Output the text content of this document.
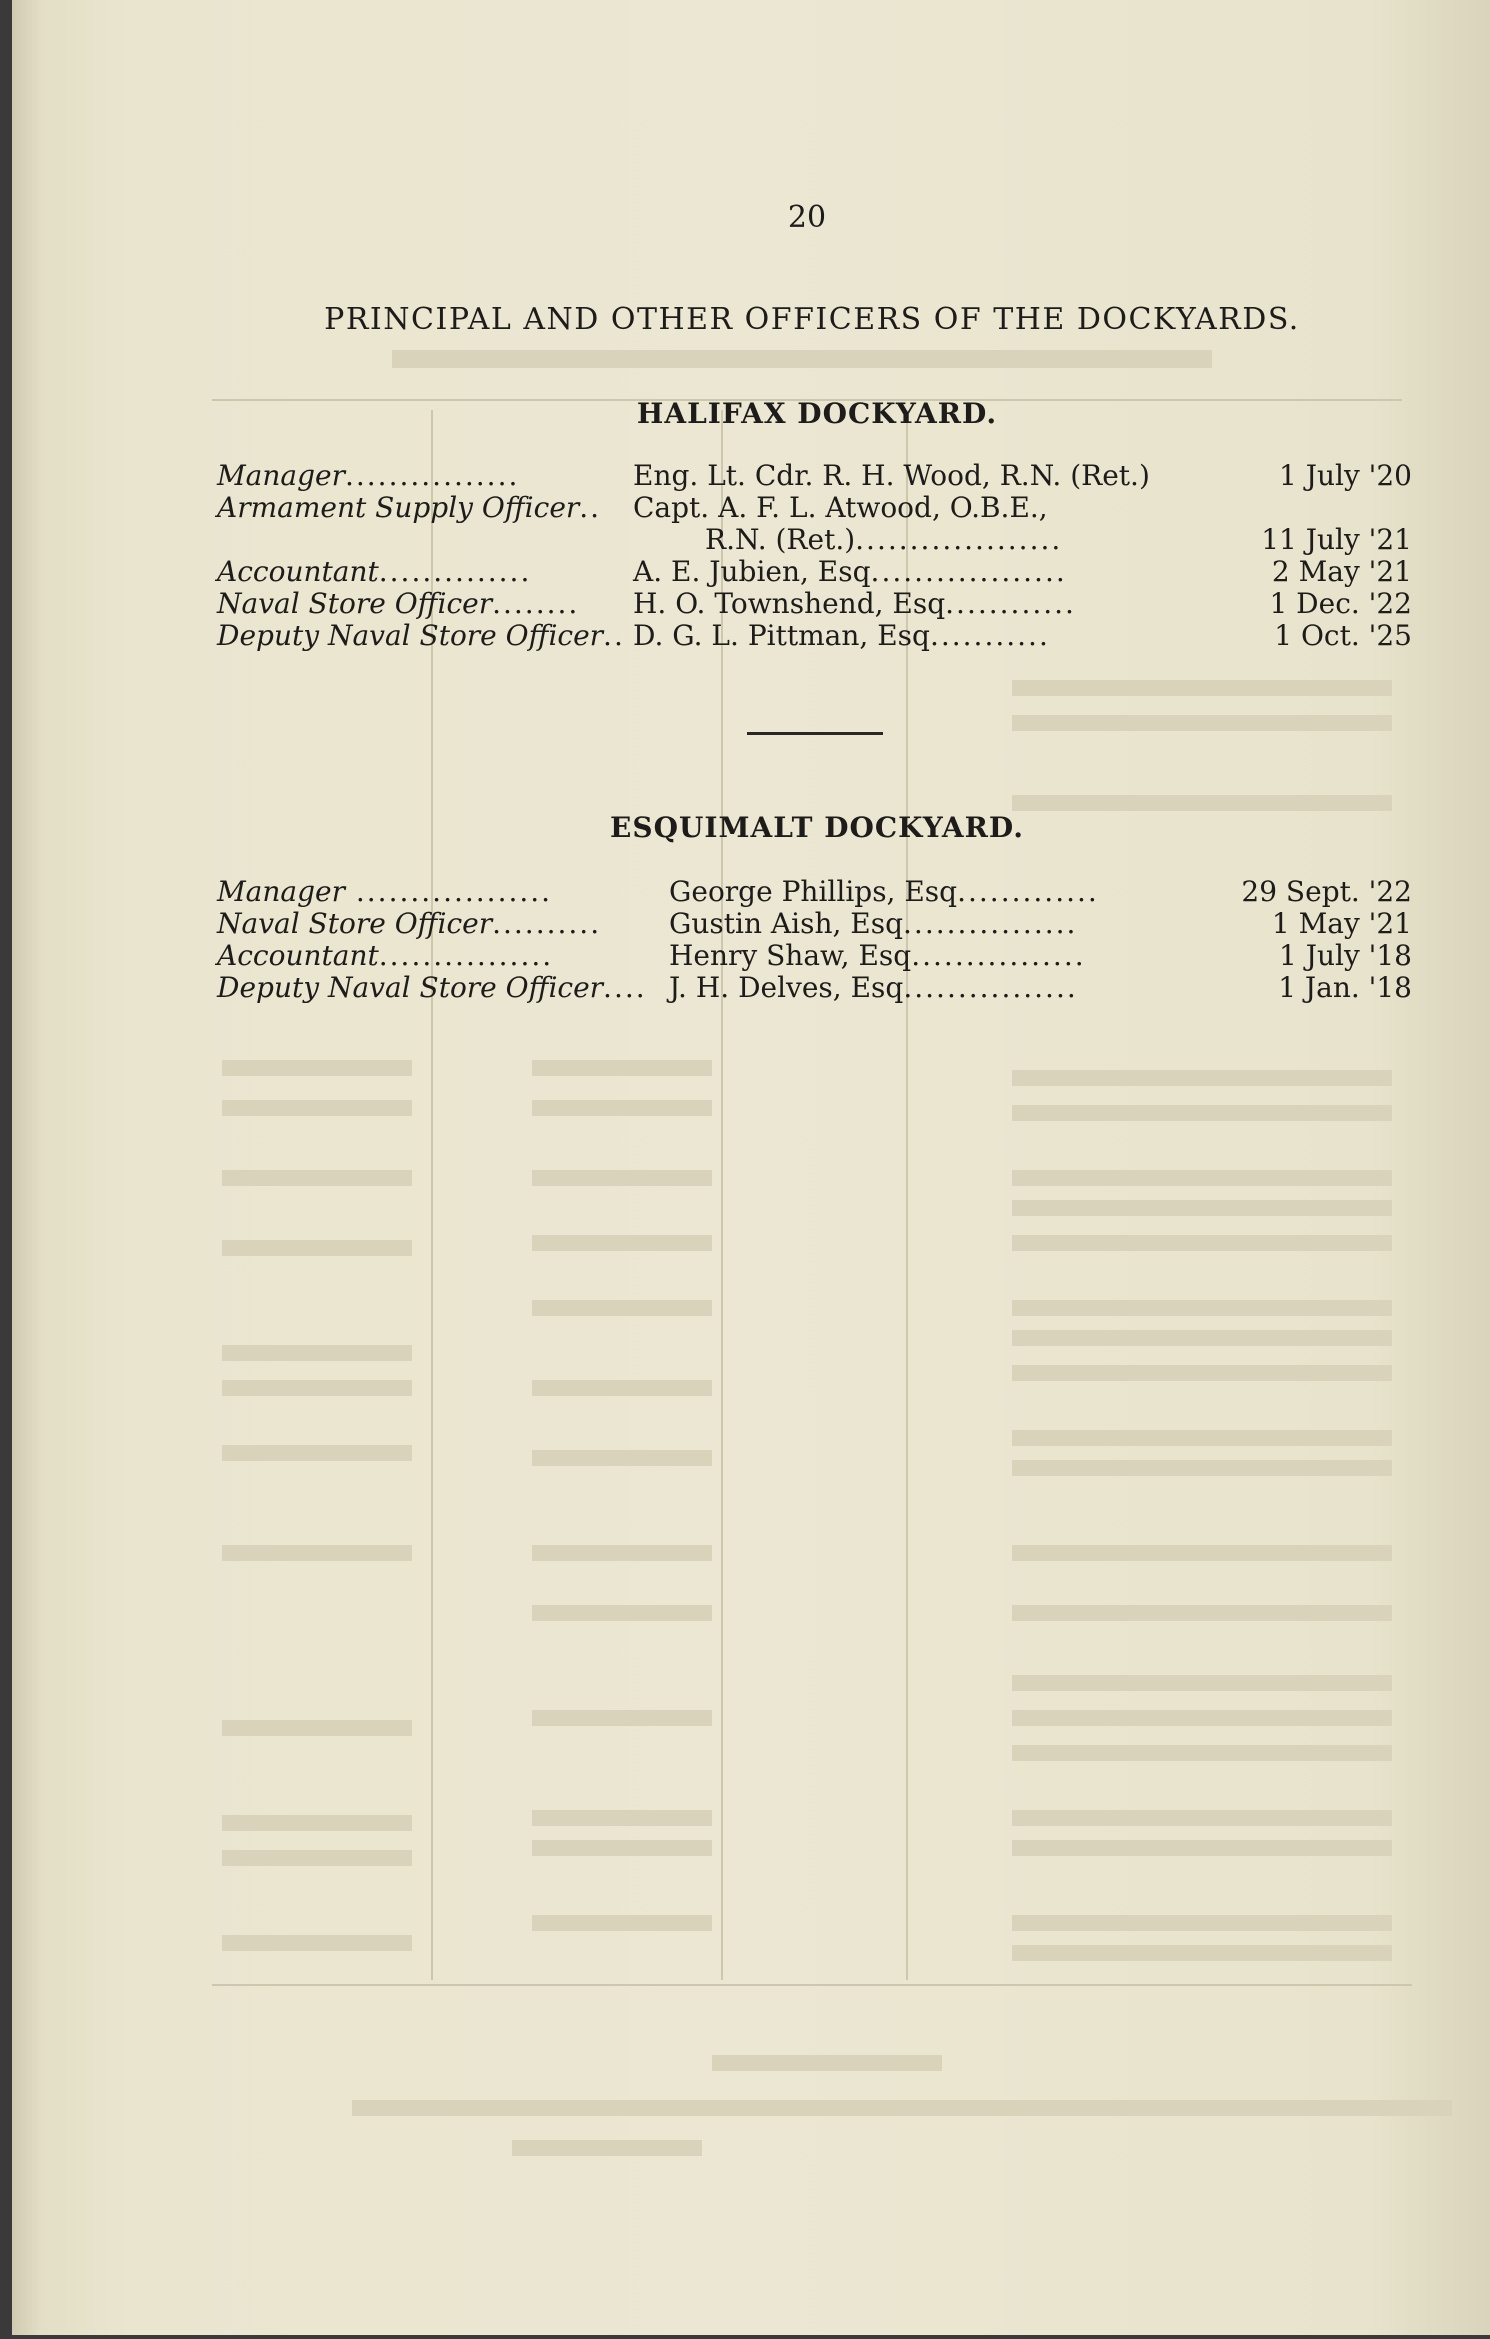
20
PRINCIPAL AND OTHER OFFICERS OF THE DOCKYARDS.
HALIFAX DOCKYARD.
Manager................	Eng. Lt. Cdr. R. H. Wood, R.N. (Ret.)	1 July '20
Armament Supply Officer.. Capt. A. F. L. Atwood, O.B.E.,
R.N. (Ret.)...................	11 July '21
Accountant..............	A. E. Jubien, Esq..................	2 May '21
Naval Store Officer........ H. O. Townshend, Esq............	1 Dec. '22
Deputy Naval Store Officer.. D. G. L. Pittman, Esq...........	1 Oct. '25
ESQUIMALT DOCKYARD.
Manager ..................	George Phillips, Esq.............	29 Sept. '22
Naval Store Officer.......... Gustin Aish, Esq................	1 May '21
Accountant................	Henry Shaw, Esq................	1 July '18
Deputy Naval Store Officer.... J. H. Delves, Esq................	1 Jan. '18
